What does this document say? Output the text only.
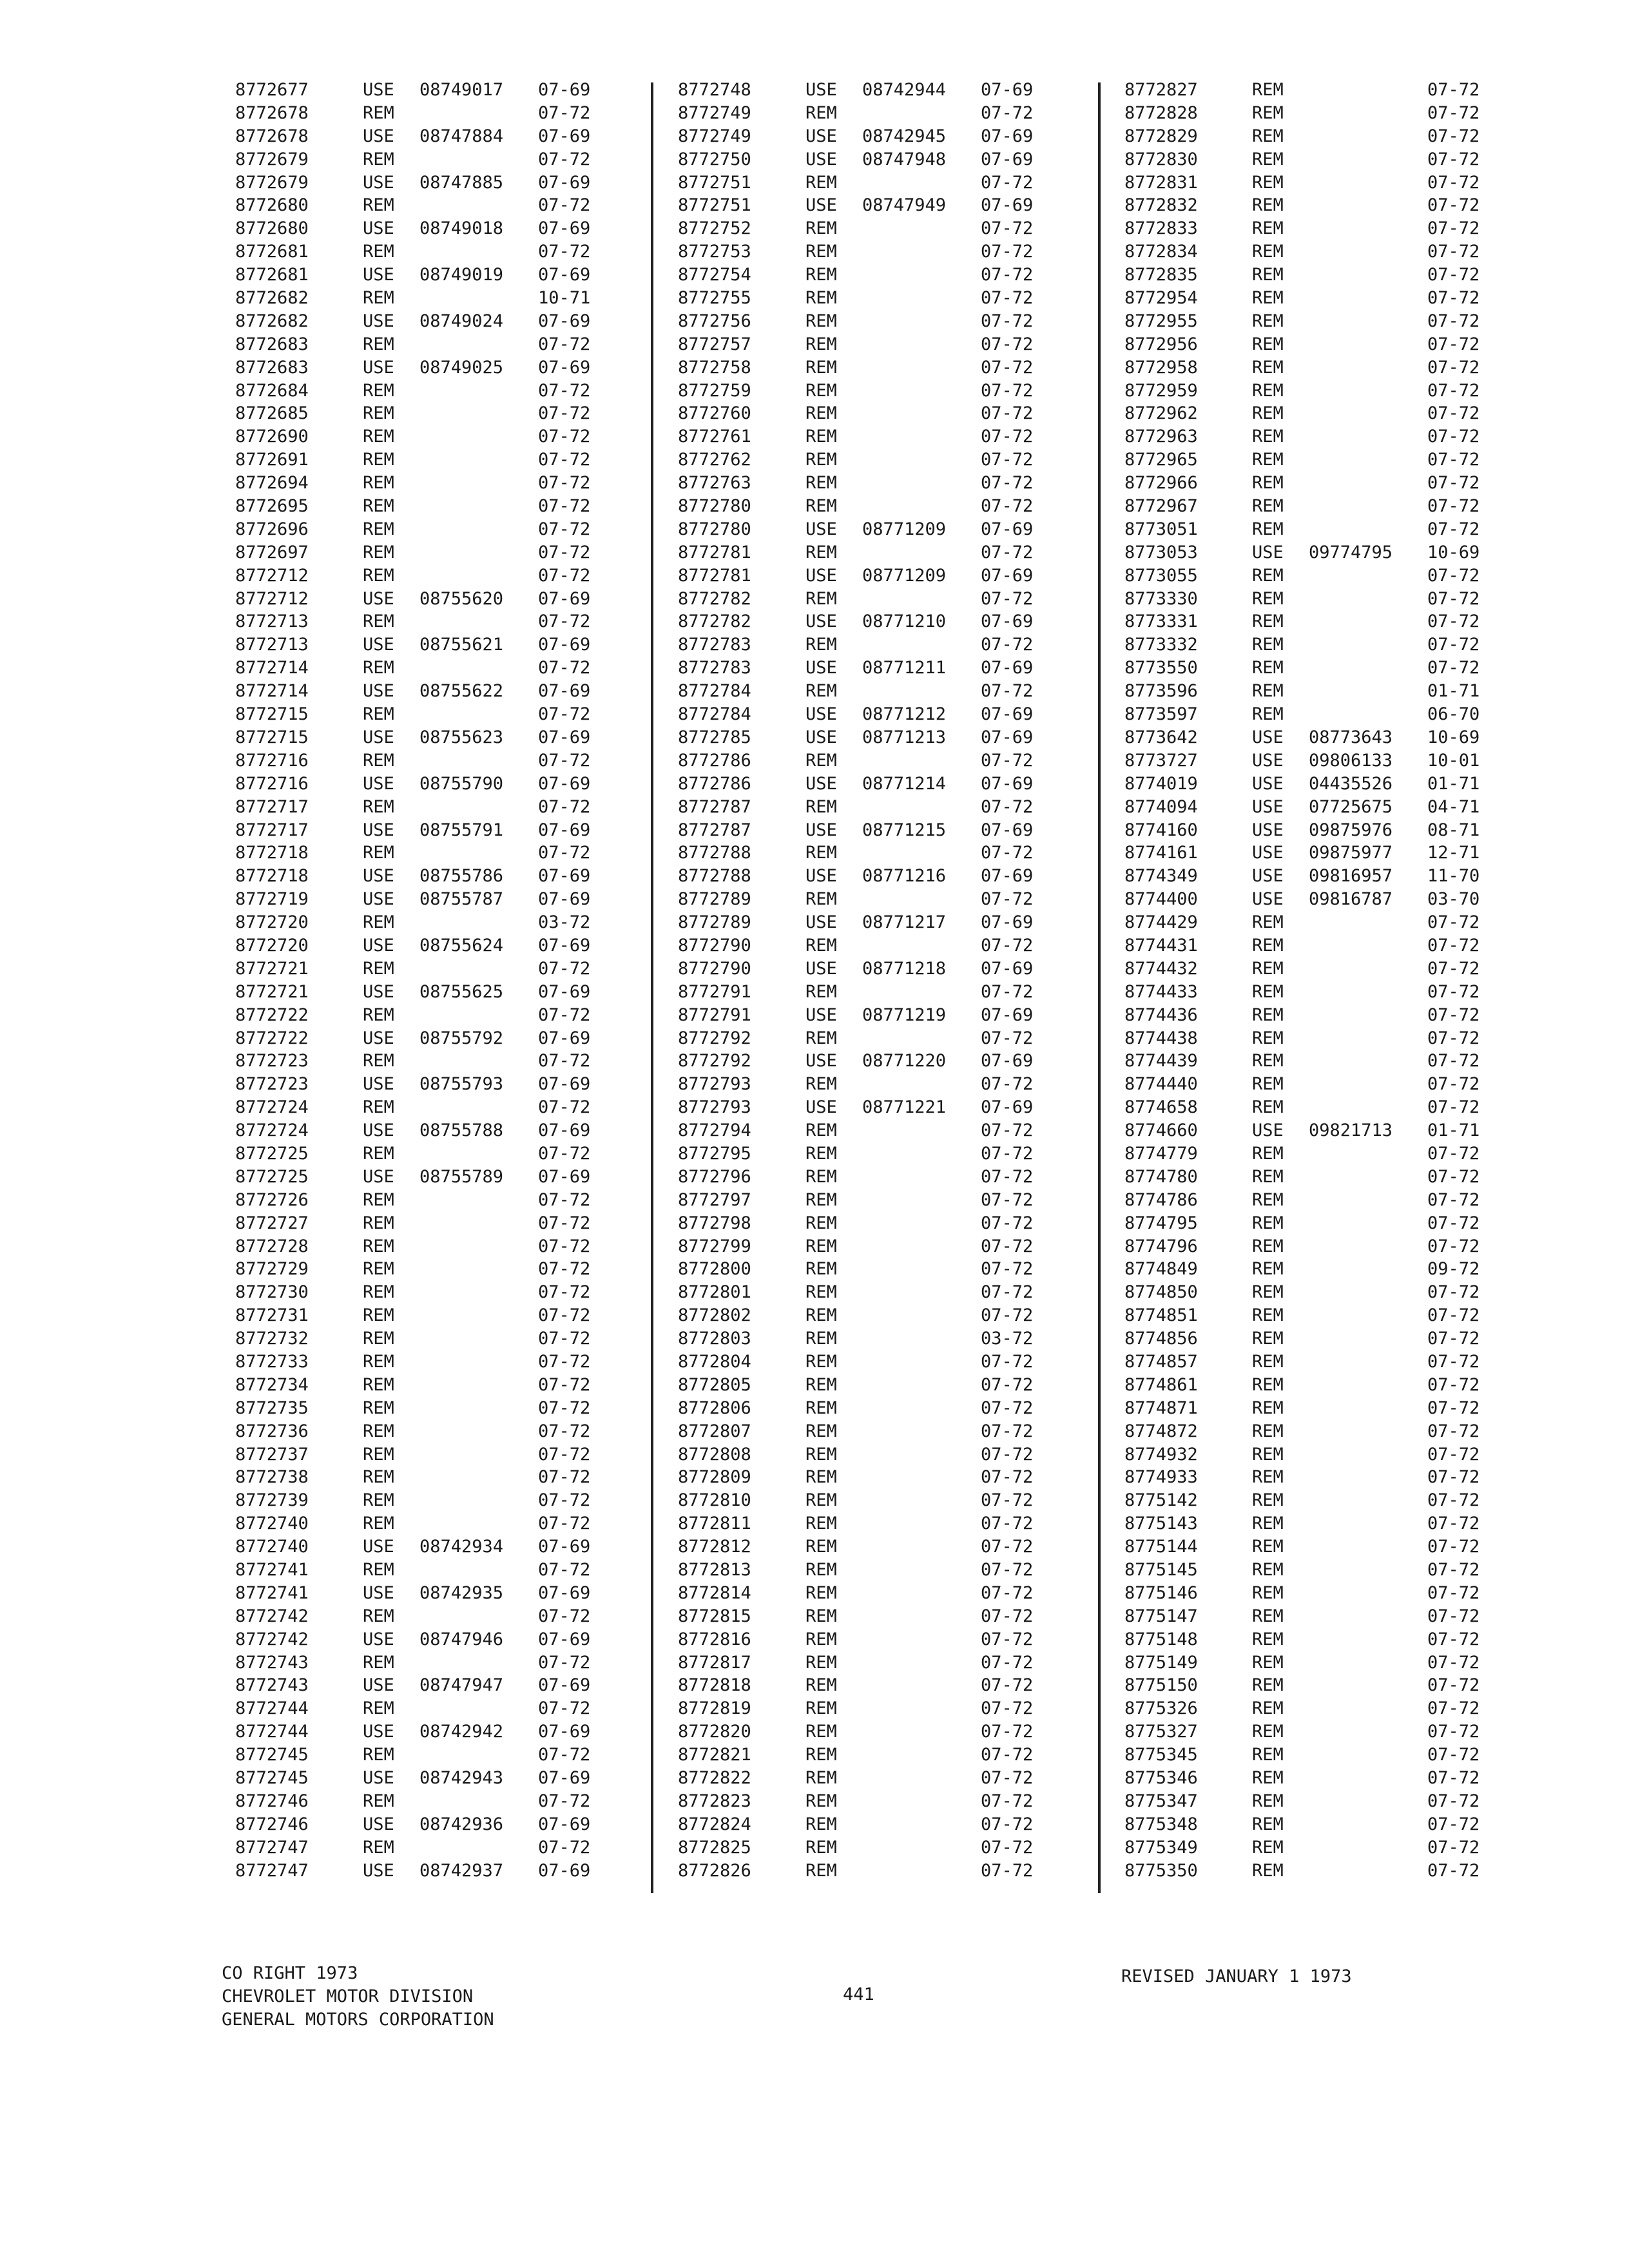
8772677	USE 08749017 07-69
8772678	REM	07-72
8772678	USE 08747884 07-69
8772679	REM	07-72
8772679	USE 08747885 07-69
8772680	REM	07-72
8772680	USE 08749018 07-69
8772681	REM	07-72
8772681	USE 08749019 07-69
8772682	REM	10-71
8772682	USE 08749024 07-69
8772683	REM	07-72
8772683	USE 08749025 07-69
8772684	REM	07-72
8772685	REM	07-72
8772690	REM	07-72
8772691	REM	07-72
8772694	REM	07-72
8772695	REM	07-72
8772696	REM	07-72
8772697	REM	07-72
8772712	REM	07-72
8772712	USE 08755620 07-69
8772713	REM	07-72
8772713	USE 08755621 07-69
8772714	REM	07-72
8772714	USE 08755622 07-69
8772715	REM	07-72
8772715	USE 08755623 07-69
8772716	REM	07-72
8772716	USE 08755790 07-69
8772717	REM	07-72
8772717	USE 08755791 07-69
8772718	REM	07-72
8772718	USE 08755786 07-69
8772719	USE 08755787 07-69
8772720	REM	03-72
8772720	USE 08755624 07-69
8772721	REM	07-72
8772721	USE 08755625 07-69
8772722	REM	07-72
8772722	USE 08755792 07-69
8772723	REM	07-72
8772723	USE 08755793 07-69
8772724	REM	07-72
8772724	USE 08755788 07-69
8772725	REM	07-72
8772725	USE 08755789 07-69
8772726	REM	07-72
8772727	REM	07-72
8772728	REM	07-72
8772729	REM	07-72
8772730	REM	07-72
8772731	REM	07-72
8772732	REM	07-72
8772733	REM	07-72
8772734	REM	07-72
8772735	REM	07-72
8772736	REM	07-72
8772737	REM	07-72
8772738	REM	07-72
8772739	REM	07-72
8772740	REM	07-72
8772740	USE 08742934 07-69
8772741	REM	07-72
8772741	USE 08742935 07-69
8772742	REM	07-72
8772742	USE 08747946 07-69
8772743	REM	07-72
8772743	USE 08747947 07-69
8772744	REM	07-72
8772744	USE 08742942 07-69
8772745	REM	07-72
8772745	USE 08742943 07-69
8772746	REM	07-72
8772746	USE 08742936 07-69
8772747	REM	07-72
8772747	USE 08742937 07-69
8772748	USE 08742944 07-69
8772749	REM	07-72
8772749	USE 08742945 07-69
8772750	USE 08747948 07-69
8772751	REM	07-72
8772751	USE 08747949 07-69
8772752	REM	07-72
8772753	REM	07-72
8772754	REM	07-72
8772755	REM	07-72
8772756	REM	07-72
8772757	REM	07-72
8772758	REM	07-72
8772759	REM	07-72
8772760	REM	07-72
8772761	REM	07-72
8772762	REM	07-72
8772763	REM	07-72
8772780	REM	07-72
8772780	USE 08771209 07-69
8772781	REM	07-72
8772781	USE 08771209 07-69
8772782	REM	07-72
8772782	USE 08771210 07-69
8772783	REM	07-72
8772783	USE 08771211 07-69
8772784	REM	07-72
8772784	USE 08771212 07-69
8772785	USE 08771213 07-69
8772786	REM	07-72
8772786	USE 08771214 07-69
8772787	REM	07-72
8772787	USE 08771215 07-69
8772788	REM	07-72
8772788	USE 08771216 07-69
8772789	REM	07-72
8772789	USE 08771217 07-69
8772790	REM	07-72
8772790	USE 08771218 07-69
8772791	REM	07-72
8772791	USE 08771219 07-69
8772792	REM	07-72
8772792	USE 08771220 07-69
8772793	REM	07-72
8772793	USE 08771221 07-69
8772794	REM	07-72
8772795	REM	07-72
8772796	REM	07-72
8772797	REM	07-72
8772798	REM	07-72
8772799	REM	07-72
8772800	REM	07-72
8772801	REM	07-72
8772802	REM	07-72
8772803	REM	03-72
8772804	REM	07-72
8772805	REM	07-72
8772806	REM	07-72
8772807	REM	07-72
8772808	REM	07-72
8772809	REM	07-72
8772810	REM	07-72
8772811	REM	07-72
8772812	REM	07-72
8772813	REM	07-72
8772814	REM	07-72
8772815	REM	07-72
8772816	REM	07-72
8772817	REM	07-72
8772818	REM	07-72
8772819	REM	07-72
8772820	REM	07-72
8772821	REM	07-72
8772822	REM	07-72
8772823	REM	07-72
8772824	REM	07-72
8772825	REM	07-72
8772826	REM	07-72
8772827	REM	07-72
8772828	REM	07-72
8772829	REM	07-72
8772830	REM	07-72
8772831	REM	07-72
8772832	REM	07-72
8772833	REM	07-72
8772834	REM	07-72
8772835	REM	07-72
8772954	REM	07-72
8772955	REM	07-72
8772956	REM	07-72
8772958	REM	07-72
8772959	REM	07-72
8772962	REM	07-72
8772963	REM	07-72
8772965	REM	07-72
8772966	REM	07-72
8772967	REM	07-72
8773051	REM	07-72
8773053	USE 09774795 10-69
8773055	REM	07-72
8773330	REM	07-72
8773331	REM	07-72
8773332	REM	07-72
8773550	REM	07-72
8773596	REM	01-71
8773597	REM	06-70
8773642	USE 08773643 10-69
8773727	USE 09806133 10-01
8774019	USE 04435526 01-71
8774094	USE 07725675 04-71
8774160	USE 09875976 08-71
8774161	USE 09875977 12-71
8774349	USE 09816957 11-70
8774400	USE 09816787 03-70
8774429	REM	07-72
8774431	REM	07-72
8774432	REM	07-72
8774433	REM	07-72
8774436	REM	07-72
8774438	REM	07-72
8774439	REM	07-72
8774440	REM	07-72
8774658	REM	07-72
8774660	USE 09821713 01-71
8774779	REM	07-72
8774780	REM	07-72
8774786	REM	07-72
8774795	REM	07-72
8774796	REM	07-72
8774849	REM	09-72
8774850	REM	07-72
8774851	REM	07-72
8774856	REM	07-72
8774857	REM	07-72
8774861	REM	07-72
8774871	REM	07-72
8774872	REM	07-72
8774932	REM	07-72
8774933	REM	07-72
8775142	REM	07-72
8775143	REM	07-72
8775144	REM	07-72
8775145	REM	07-72
8775146	REM	07-72
8775147	REM	07-72
8775148	REM	07-72
8775149	REM	07-72
8775150	REM	07-72
8775326	REM	07-72
8775327	REM	07-72
8775345	REM	07-72
8775346	REM	07-72
8775347	REM	07-72
8775348	REM	07-72
8775349	REM	07-72
8775350	REM	07-72
CO RIGHT 1973
CHEVROLET MOTOR DIVISION
GENERAL MOTORS CORPORATION
441
REVISED JANUARY 1 1973
